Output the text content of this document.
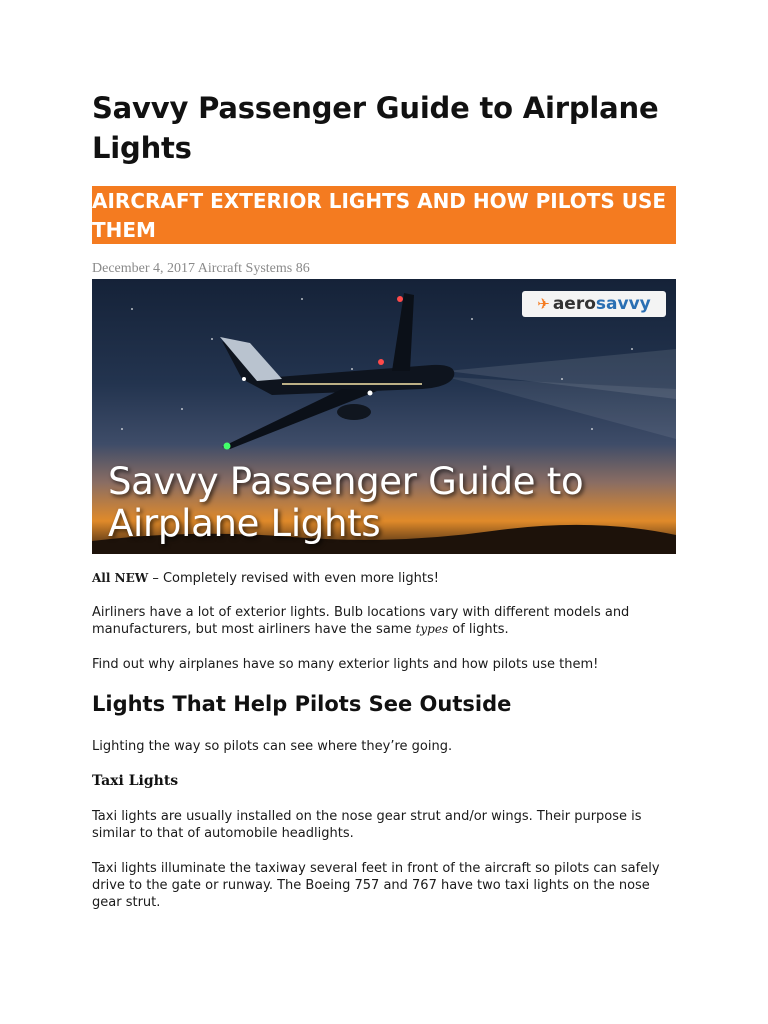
Savvy Passenger Guide to Airplane Lights
AIRCRAFT EXTERIOR LIGHTS AND HOW PILOTS USE THEM
December 4, 2017 Aircraft Systems 86
✈ aero savvy
Savvy Passenger Guide to
Airplane Lights

All NEW – Completely revised with even more lights!

Airliners have a lot of exterior lights. Bulb locations vary with different models and manufacturers, but most airliners have the same types of lights.

Find out why airplanes have so many exterior lights and how pilots use them!

Lights That Help Pilots See Outside

Lighting the way so pilots can see where they’re going.

Taxi Lights

Taxi lights are usually installed on the nose gear strut and/or wings. Their purpose is similar to that of automobile headlights.

Taxi lights illuminate the taxiway several feet in front of the aircraft so pilots can safely drive to the gate or runway. The Boeing 757 and 767 have two taxi lights on the nose gear strut.
